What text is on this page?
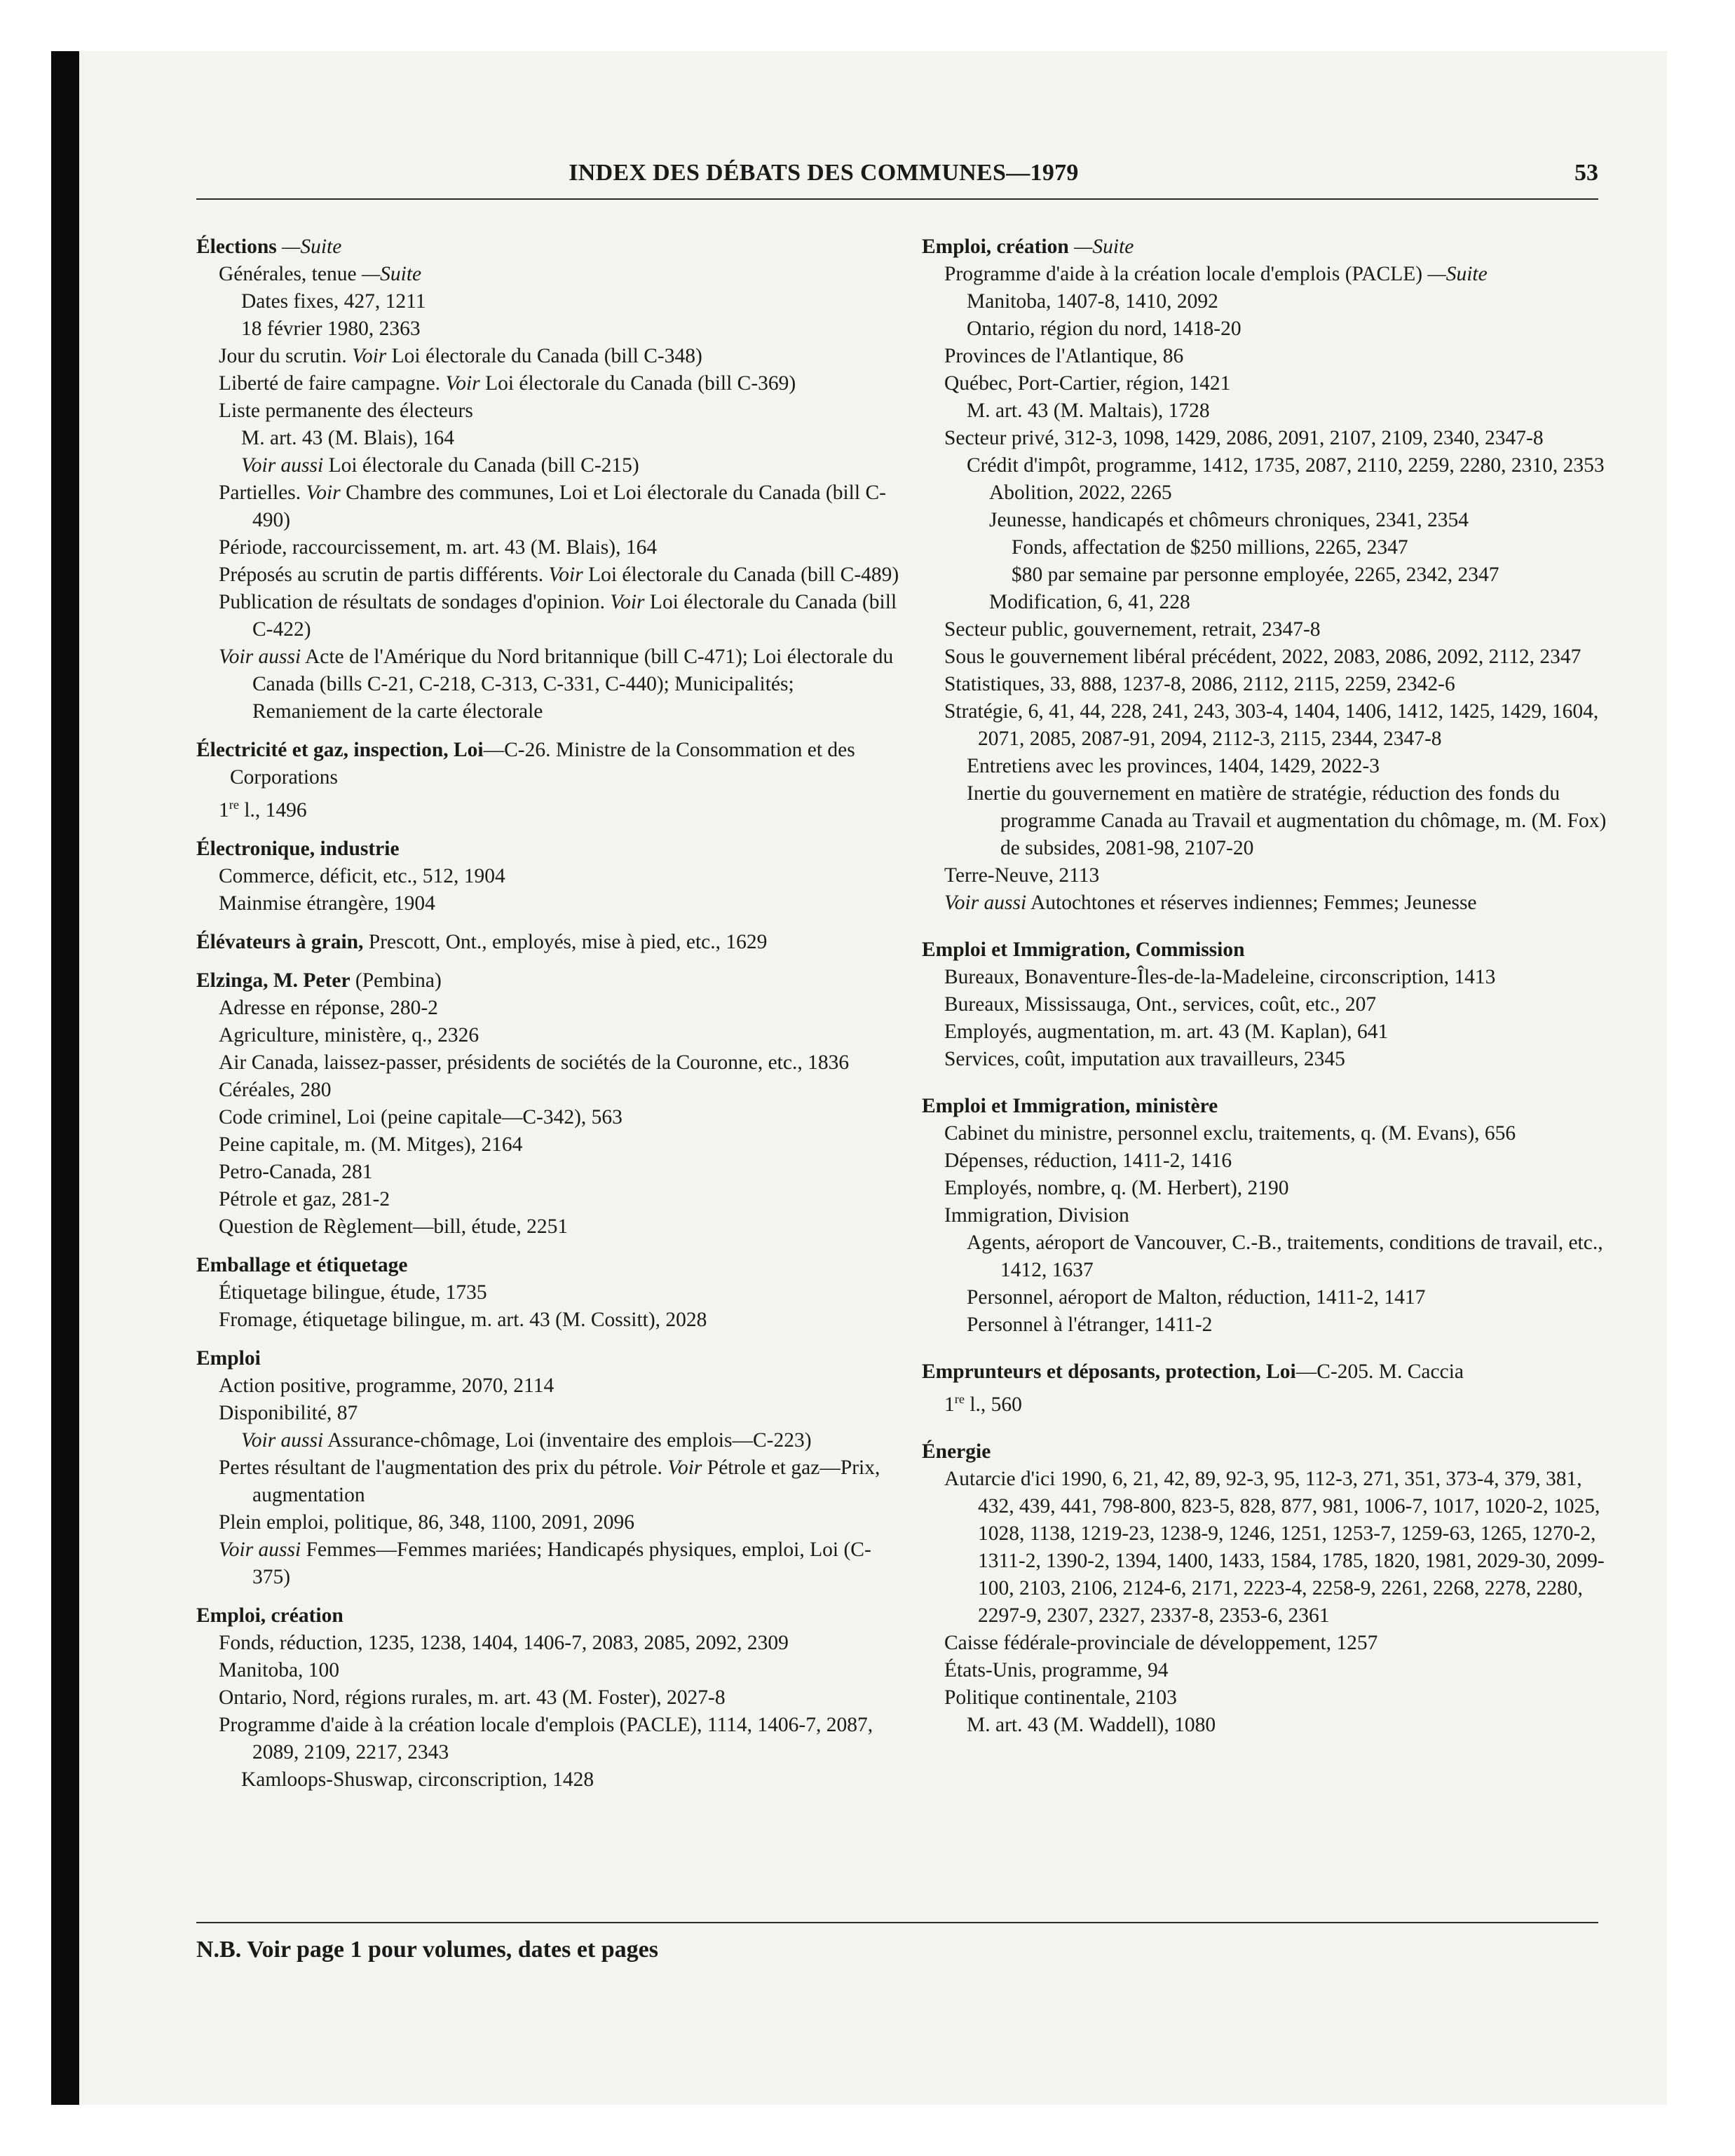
INDEX DES DÉBATS DES COMMUNES—1979	53
Élections —Suite
Générales, tenue —Suite
Dates fixes, 427, 1211
18 février 1980, 2363
Jour du scrutin. Voir Loi électorale du Canada (bill C-348)
Liberté de faire campagne. Voir Loi électorale du Canada (bill C-369)
Liste permanente des électeurs
M. art. 43 (M. Blais), 164
Voir aussi Loi électorale du Canada (bill C-215)
Partielles. Voir Chambre des communes, Loi et Loi électorale du Canada (bill C-490)
Période, raccourcissement, m. art. 43 (M. Blais), 164
Préposés au scrutin de partis différents. Voir Loi électorale du Canada (bill C-489)
Publication de résultats de sondages d'opinion. Voir Loi électorale du Canada (bill C-422)
Voir aussi Acte de l'Amérique du Nord britannique (bill C-471); Loi électorale du Canada (bills C-21, C-218, C-313, C-331, C-440); Municipalités; Remaniement de la carte électorale
Électricité et gaz, inspection, Loi—C-26. Ministre de la Consommation et des Corporations
1re l., 1496
Électronique, industrie
Commerce, déficit, etc., 512, 1904
Mainmise étrangère, 1904
Élévateurs à grain, Prescott, Ont., employés, mise à pied, etc., 1629
Elzinga, M. Peter (Pembina)
Adresse en réponse, 280-2
Agriculture, ministère, q., 2326
Air Canada, laissez-passer, présidents de sociétés de la Couronne, etc., 1836
Céréales, 280
Code criminel, Loi (peine capitale—C-342), 563
Peine capitale, m. (M. Mitges), 2164
Petro-Canada, 281
Pétrole et gaz, 281-2
Question de Règlement—bill, étude, 2251
Emballage et étiquetage
Étiquetage bilingue, étude, 1735
Fromage, étiquetage bilingue, m. art. 43 (M. Cossitt), 2028
Emploi
Action positive, programme, 2070, 2114
Disponibilité, 87
Voir aussi Assurance-chômage, Loi (inventaire des emplois—C-223)
Pertes résultant de l'augmentation des prix du pétrole. Voir Pétrole et gaz—Prix, augmentation
Plein emploi, politique, 86, 348, 1100, 2091, 2096
Voir aussi Femmes—Femmes mariées; Handicapés physiques, emploi, Loi (C-375)
Emploi, création
Fonds, réduction, 1235, 1238, 1404, 1406-7, 2083, 2085, 2092, 2309
Manitoba, 100
Ontario, Nord, régions rurales, m. art. 43 (M. Foster), 2027-8
Programme d'aide à la création locale d'emplois (PACLE), 1114, 1406-7, 2087, 2089, 2109, 2217, 2343
Kamloops-Shuswap, circonscription, 1428
Emploi, création —Suite
Programme d'aide à la création locale d'emplois (PACLE) —Suite
Manitoba, 1407-8, 1410, 2092
Ontario, région du nord, 1418-20
Provinces de l'Atlantique, 86
Québec, Port-Cartier, région, 1421
M. art. 43 (M. Maltais), 1728
Secteur privé, 312-3, 1098, 1429, 2086, 2091, 2107, 2109, 2340, 2347-8
Crédit d'impôt, programme, 1412, 1735, 2087, 2110, 2259, 2280, 2310, 2353
Abolition, 2022, 2265
Jeunesse, handicapés et chômeurs chroniques, 2341, 2354
Fonds, affectation de $250 millions, 2265, 2347
$80 par semaine par personne employée, 2265, 2342, 2347
Modification, 6, 41, 228
Secteur public, gouvernement, retrait, 2347-8
Sous le gouvernement libéral précédent, 2022, 2083, 2086, 2092, 2112, 2347
Statistiques, 33, 888, 1237-8, 2086, 2112, 2115, 2259, 2342-6
Stratégie, 6, 41, 44, 228, 241, 243, 303-4, 1404, 1406, 1412, 1425, 1429, 1604, 2071, 2085, 2087-91, 2094, 2112-3, 2115, 2344, 2347-8
Entretiens avec les provinces, 1404, 1429, 2022-3
Inertie du gouvernement en matière de stratégie, réduction des fonds du programme Canada au Travail et augmentation du chômage, m. (M. Fox) de subsides, 2081-98, 2107-20
Terre-Neuve, 2113
Voir aussi Autochtones et réserves indiennes; Femmes; Jeunesse
Emploi et Immigration, Commission
Bureaux, Bonaventure-Îles-de-la-Madeleine, circonscription, 1413
Bureaux, Mississauga, Ont., services, coût, etc., 207
Employés, augmentation, m. art. 43 (M. Kaplan), 641
Services, coût, imputation aux travailleurs, 2345
Emploi et Immigration, ministère
Cabinet du ministre, personnel exclu, traitements, q. (M. Evans), 656
Dépenses, réduction, 1411-2, 1416
Employés, nombre, q. (M. Herbert), 2190
Immigration, Division
Agents, aéroport de Vancouver, C.-B., traitements, conditions de travail, etc., 1412, 1637
Personnel, aéroport de Malton, réduction, 1411-2, 1417
Personnel à l'étranger, 1411-2
Emprunteurs et déposants, protection, Loi—C-205. M. Caccia
1re l., 560
Énergie
Autarcie d'ici 1990, 6, 21, 42, 89, 92-3, 95, 112-3, 271, 351, 373-4, 379, 381, 432, 439, 441, 798-800, 823-5, 828, 877, 981, 1006-7, 1017, 1020-2, 1025, 1028, 1138, 1219-23, 1238-9, 1246, 1251, 1253-7, 1259-63, 1265, 1270-2, 1311-2, 1390-2, 1394, 1400, 1433, 1584, 1785, 1820, 1981, 2029-30, 2099-100, 2103, 2106, 2124-6, 2171, 2223-4, 2258-9, 2261, 2268, 2278, 2280, 2297-9, 2307, 2327, 2337-8, 2353-6, 2361
Caisse fédérale-provinciale de développement, 1257
États-Unis, programme, 94
Politique continentale, 2103
M. art. 43 (M. Waddell), 1080
N.B. Voir page 1 pour volumes, dates et pages
